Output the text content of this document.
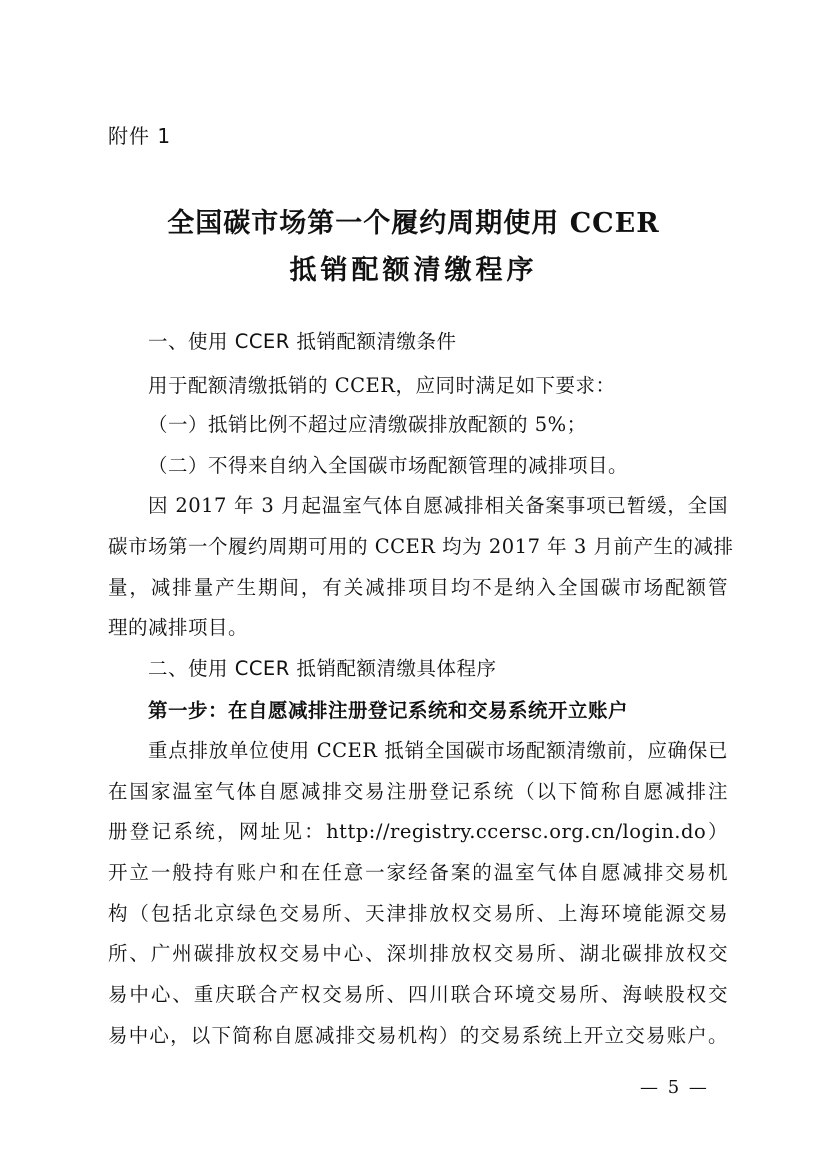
附件 1
全国碳市场第一个履约周期使用 CCER
抵销配额清缴程序
一、使用 CCER 抵销配额清缴条件
用于配额清缴抵销的 CCER，应同时满足如下要求：
（一）抵销比例不超过应清缴碳排放配额的 5%；
（二）不得来自纳入全国碳市场配额管理的减排项目。
因 2017 年 3 月起温室气体自愿减排相关备案事项已暂缓，全国
碳市场第一个履约周期可用的 CCER 均为 2017 年 3 月前产生的减排
量，减排量产生期间，有关减排项目均不是纳入全国碳市场配额管
理的减排项目。
二、使用 CCER 抵销配额清缴具体程序
第一步：在自愿减排注册登记系统和交易系统开立账户
重点排放单位使用 CCER 抵销全国碳市场配额清缴前，应确保已
在国家温室气体自愿减排交易注册登记系统（以下简称自愿减排注
册登记系统，网址见：http://registry.ccersc.org.cn/login.do）
开立一般持有账户和在任意一家经备案的温室气体自愿减排交易机
构（包括北京绿色交易所、天津排放权交易所、上海环境能源交易
所、广州碳排放权交易中心、深圳排放权交易所、湖北碳排放权交
易中心、重庆联合产权交易所、四川联合环境交易所、海峡股权交
易中心，以下简称自愿减排交易机构）的交易系统上开立交易账户。
— 5 —
